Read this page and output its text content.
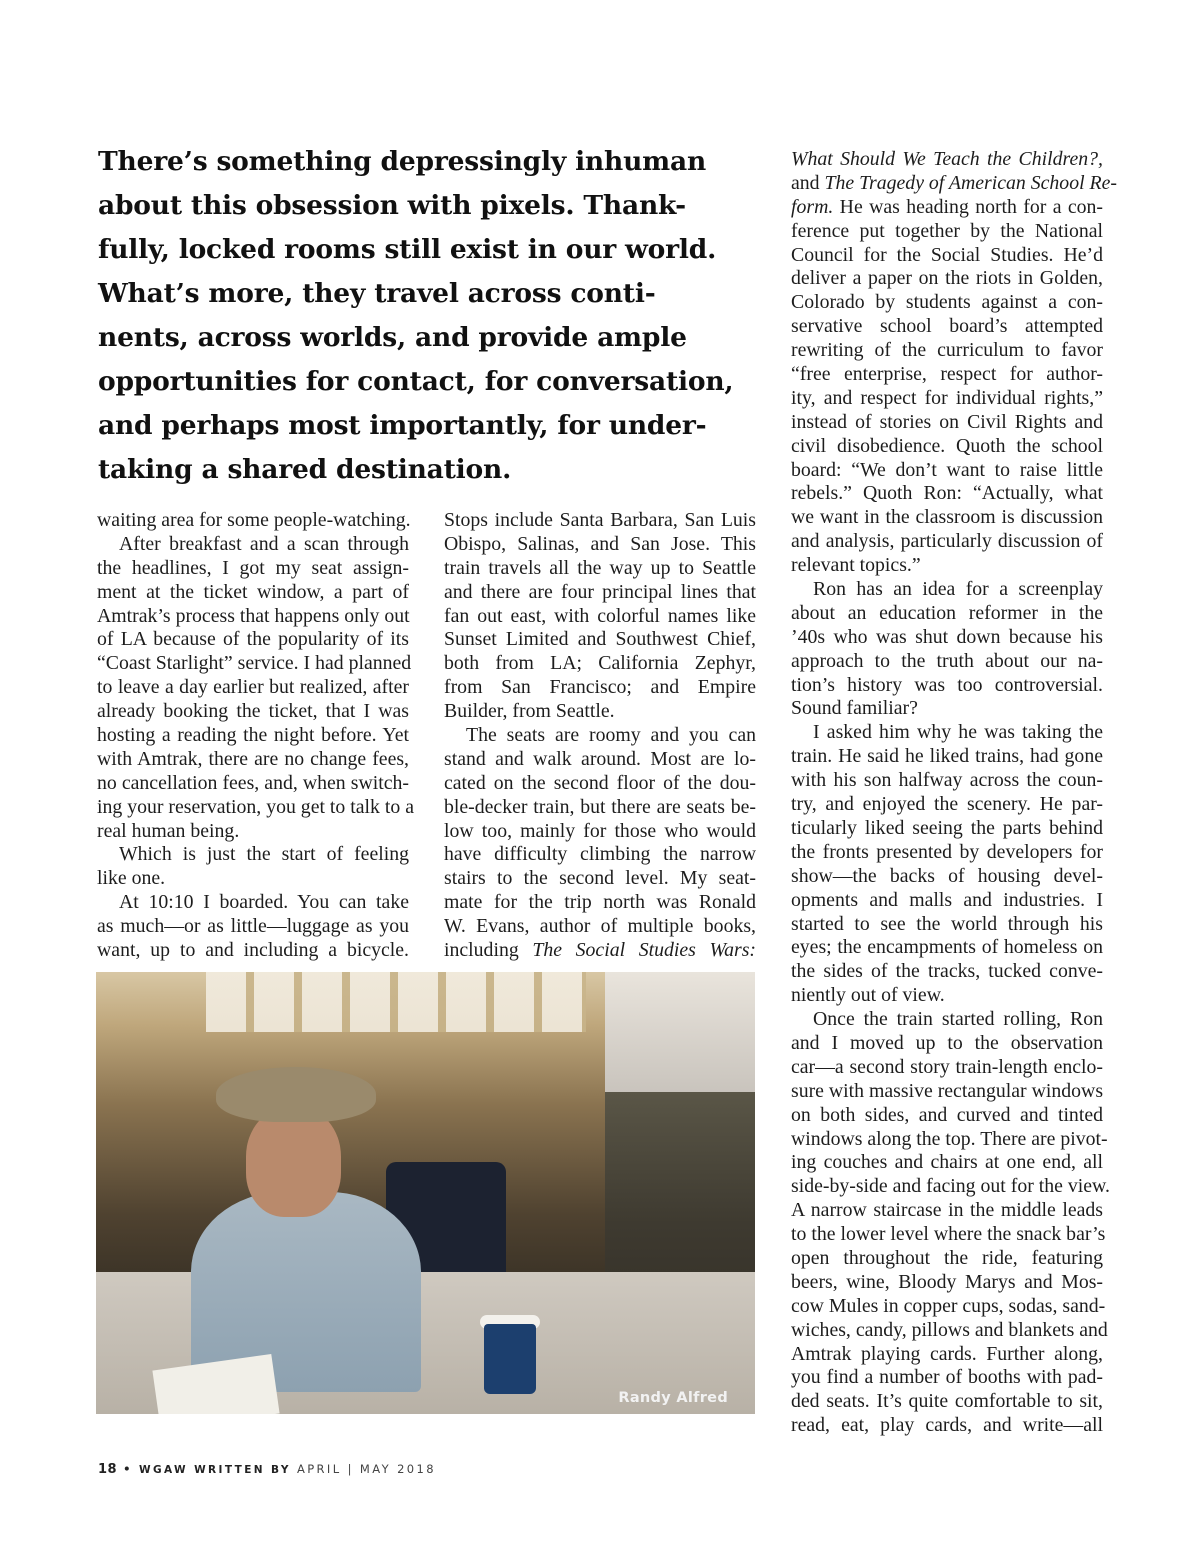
There’s something depressingly inhuman
about this obsession with pixels. Thank-
fully, locked rooms still exist in our world.
What’s more, they travel across conti-
nents, across worlds, and provide ample
opportunities for contact, for conversation,
and perhaps most importantly, for under-
taking a shared destination.
waiting area for some people-watching.
After breakfast and a scan through
the headlines, I got my seat assign-
ment at the ticket window, a part of
Amtrak’s process that happens only out
of LA because of the popularity of its
“Coast Starlight” service. I had planned
to leave a day earlier but realized, after
already booking the ticket, that I was
hosting a reading the night before. Yet
with Amtrak, there are no change fees,
no cancellation fees, and, when switch-
ing your reservation, you get to talk to a
real human being.
Which is just the start of feeling
like one.
At 10:10 I boarded. You can take
as much—or as little—luggage as you
want, up to and including a bicycle.
Stops include Santa Barbara, San Luis
Obispo, Salinas, and San Jose. This
train travels all the way up to Seattle
and there are four principal lines that
fan out east, with colorful names like
Sunset Limited and Southwest Chief,
both from LA; California Zephyr,
from San Francisco; and Empire
Builder, from Seattle.
The seats are roomy and you can
stand and walk around. Most are lo-
cated on the second floor of the dou-
ble-decker train, but there are seats be-
low too, mainly for those who would
have difficulty climbing the narrow
stairs to the second level. My seat-
mate for the trip north was Ronald
W. Evans, author of multiple books,
including The Social Studies Wars:
Randy Alfred
What Should We Teach the Children?,
and The Tragedy of American School Re-
form. He was heading north for a con-
ference put together by the National
Council for the Social Studies. He’d
deliver a paper on the riots in Golden,
Colorado by students against a con-
servative school board’s attempted
rewriting of the curriculum to favor
“free enterprise, respect for author-
ity, and respect for individual rights,”
instead of stories on Civil Rights and
civil disobedience. Quoth the school
board: “We don’t want to raise little
rebels.” Quoth Ron: “Actually, what
we want in the classroom is discussion
and analysis, particularly discussion of
relevant topics.”
Ron has an idea for a screenplay
about an education reformer in the
’40s who was shut down because his
approach to the truth about our na-
tion’s history was too controversial.
Sound familiar?
I asked him why he was taking the
train. He said he liked trains, had gone
with his son halfway across the coun-
try, and enjoyed the scenery. He par-
ticularly liked seeing the parts behind
the fronts presented by developers for
show—the backs of housing devel-
opments and malls and industries. I
started to see the world through his
eyes; the encampments of homeless on
the sides of the tracks, tucked conve-
niently out of view.
Once the train started rolling, Ron
and I moved up to the observation
car—a second story train-length enclo-
sure with massive rectangular windows
on both sides, and curved and tinted
windows along the top. There are pivot-
ing couches and chairs at one end, all
side-by-side and facing out for the view.
A narrow staircase in the middle leads
to the lower level where the snack bar’s
open throughout the ride, featuring
beers, wine, Bloody Marys and Mos-
cow Mules in copper cups, sodas, sand-
wiches, candy, pillows and blankets and
Amtrak playing cards. Further along,
you find a number of booths with pad-
ded seats. It’s quite comfortable to sit,
read, eat, play cards, and write—all
18 • WGAW WRITTEN BY APRIL | MAY 2018
